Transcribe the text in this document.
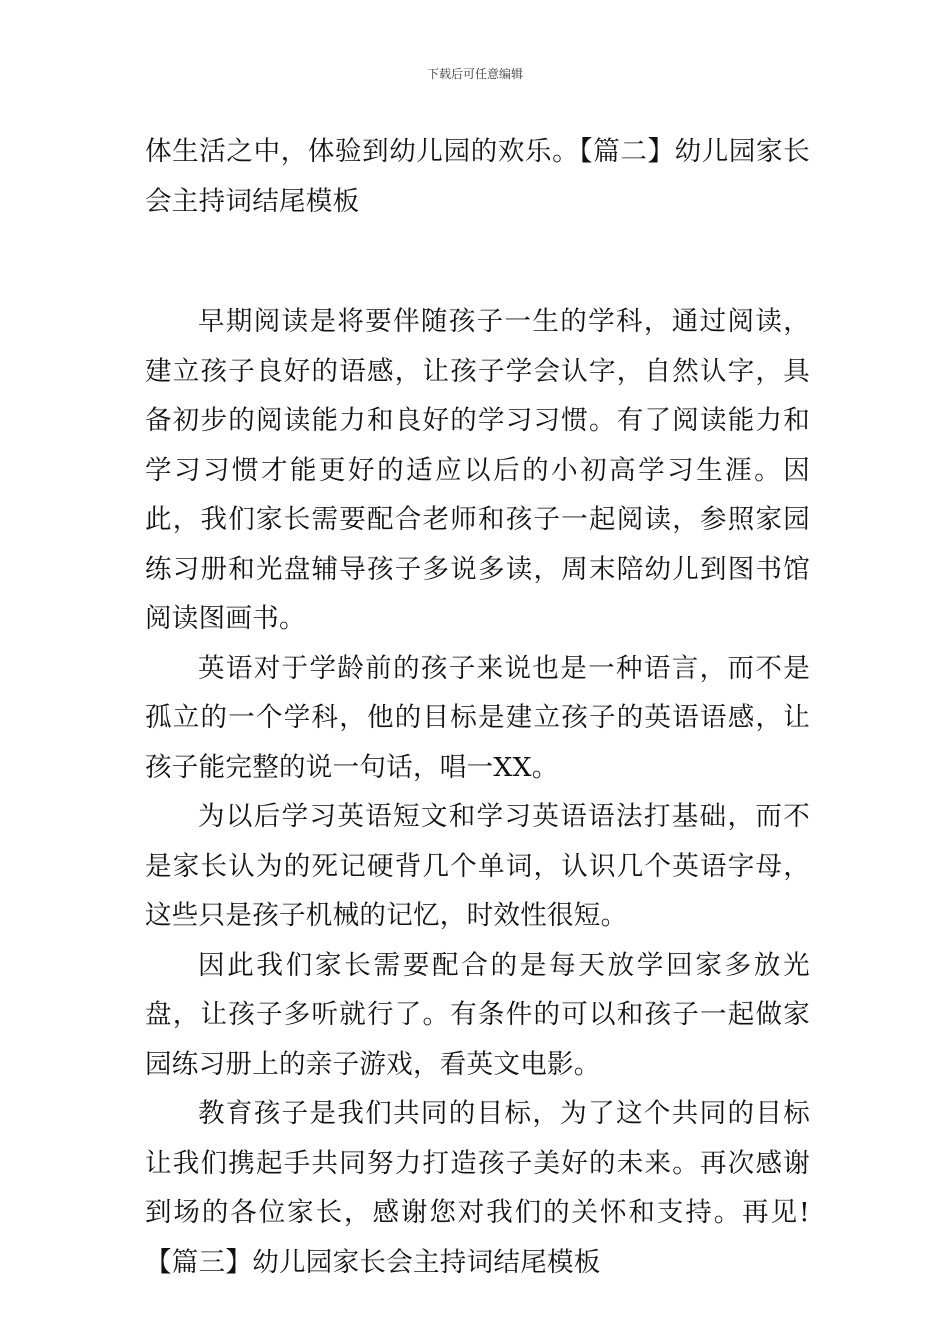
下载后可任意编辑

体生活之中，体验到幼儿园的欢乐。【篇二】幼儿园家长会主持词结尾模板

早期阅读是将要伴随孩子一生的学科，通过阅读，建立孩子良好的语感，让孩子学会认字，自然认字，具备初步的阅读能力和良好的学习习惯。有了阅读能力和学习习惯才能更好的适应以后的小初高学习生涯。因此，我们家长需要配合老师和孩子一起阅读，参照家园练习册和光盘辅导孩子多说多读，周末陪幼儿到图书馆阅读图画书。

英语对于学龄前的孩子来说也是一种语言，而不是孤立的一个学科，他的目标是建立孩子的英语语感，让孩子能完整的说一句话，唱一XX。

为以后学习英语短文和学习英语语法打基础，而不是家长认为的死记硬背几个单词，认识几个英语字母，这些只是孩子机械的记忆，时效性很短。

因此我们家长需要配合的是每天放学回家多放光盘，让孩子多听就行了。有条件的可以和孩子一起做家园练习册上的亲子游戏，看英文电影。

教育孩子是我们共同的目标，为了这个共同的目标让我们携起手共同努力打造孩子美好的未来。再次感谢到场的各位家长，感谢您对我们的关怀和支持。再见!【篇三】幼儿园家长会主持词结尾模板
